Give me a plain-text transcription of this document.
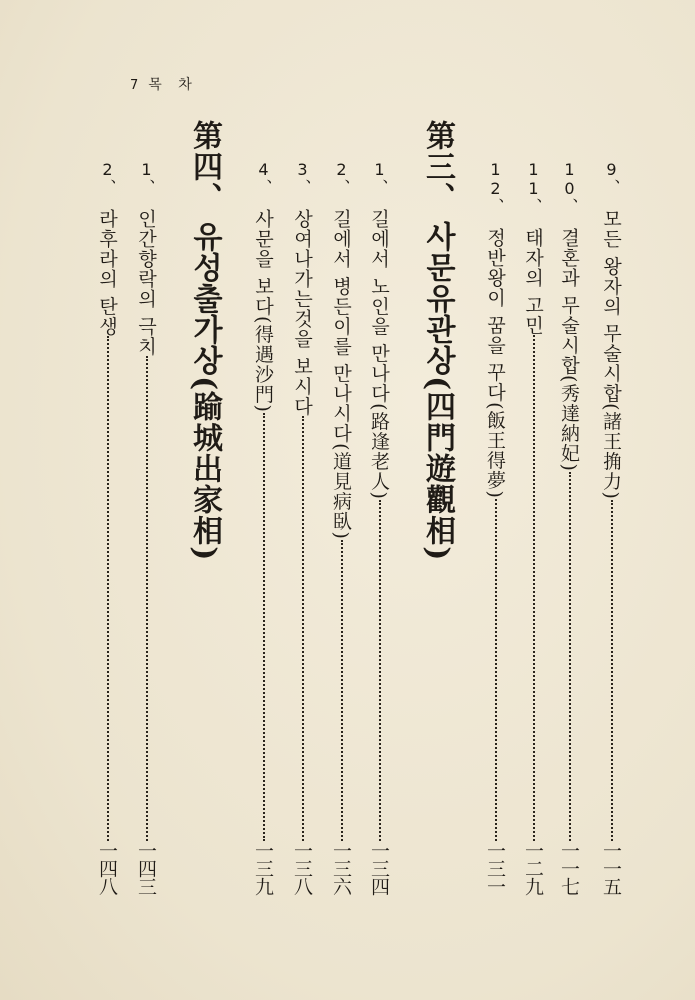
7 목 차
9、
모든 왕자의 무술시합(諸王捔力)
一一五
10、
결혼과 무술시합(秀達納妃)
一一七
11、
태자의 고민
一二九
12、
정반왕이 꿈을 꾸다(飯王得夢)
一三一
第三、사문유관상(四門遊觀相)
1、
길에서 노인을 만나다(路逢老人)
一三四
2、
길에서 병든이를 만나시다(道見病臥)
一三六
3、
상여나가는것을 보시다
一三八
4、
사문을 보다(得遇沙門)
一三九
第四、유성출가상(踰城出家相)
1、
인간향락의 극치
一四三
2、
라후라의 탄생
一四八
